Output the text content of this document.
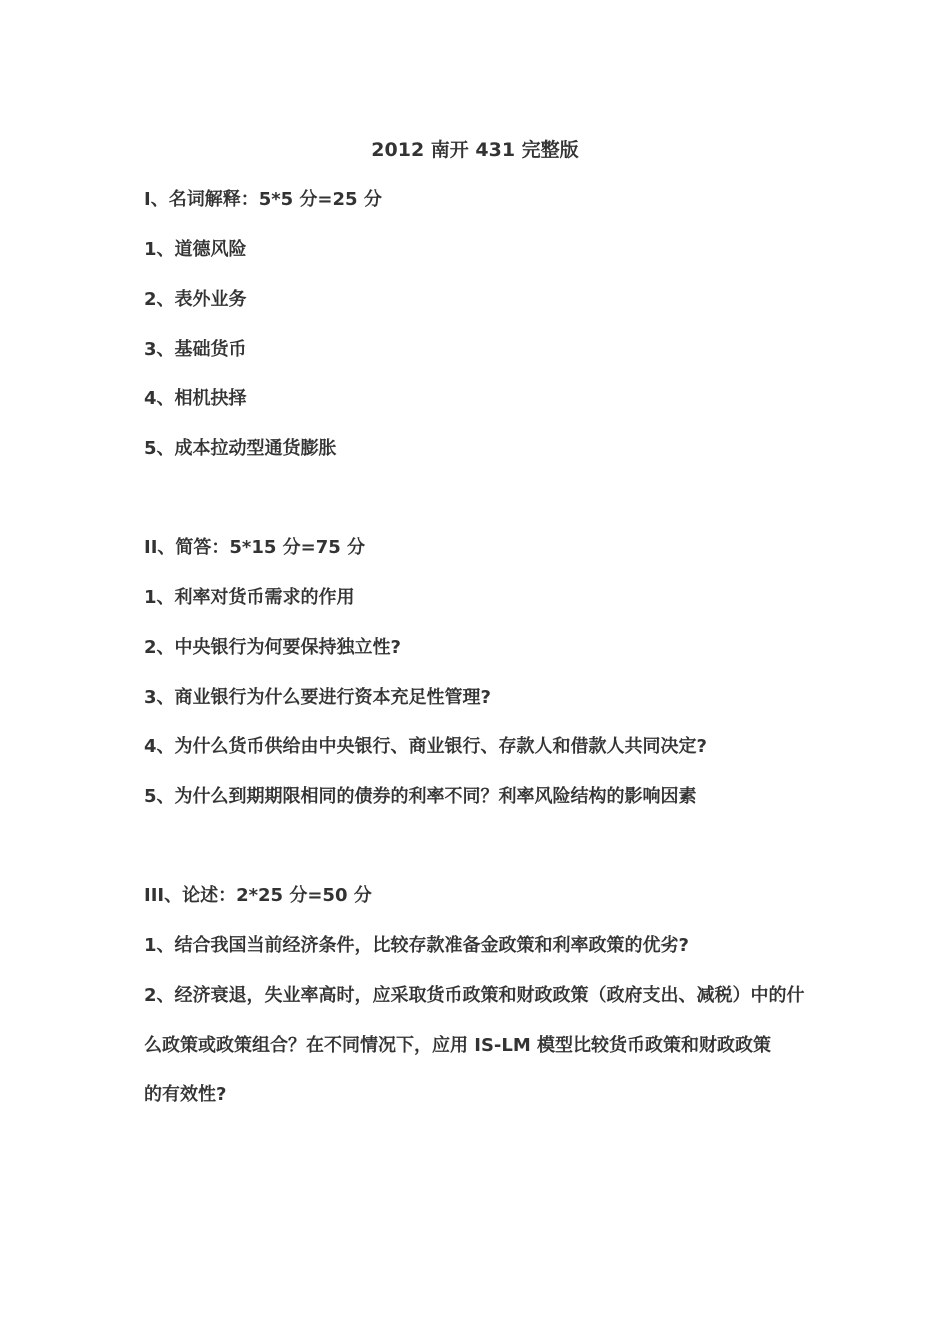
2012 南开 431 完整版
I、名词解释：5*5 分=25 分
1、道德风险
2、表外业务
3、基础货币
4、相机抉择
5、成本拉动型通货膨胀
II、简答：5*15 分=75 分
1、利率对货币需求的作用
2、中央银行为何要保持独立性?
3、商业银行为什么要进行资本充足性管理?
4、为什么货币供给由中央银行、商业银行、存款人和借款人共同决定?
5、为什么到期期限相同的债券的利率不同？利率风险结构的影响因素
III、论述：2*25 分=50 分
1、结合我国当前经济条件，比较存款准备金政策和利率政策的优劣?
2、经济衰退，失业率高时，应采取货币政策和财政政策（政府支出、减税）中的什
么政策或政策组合？在不同情况下，应用 IS-LM 模型比较货币政策和财政政策
的有效性?
